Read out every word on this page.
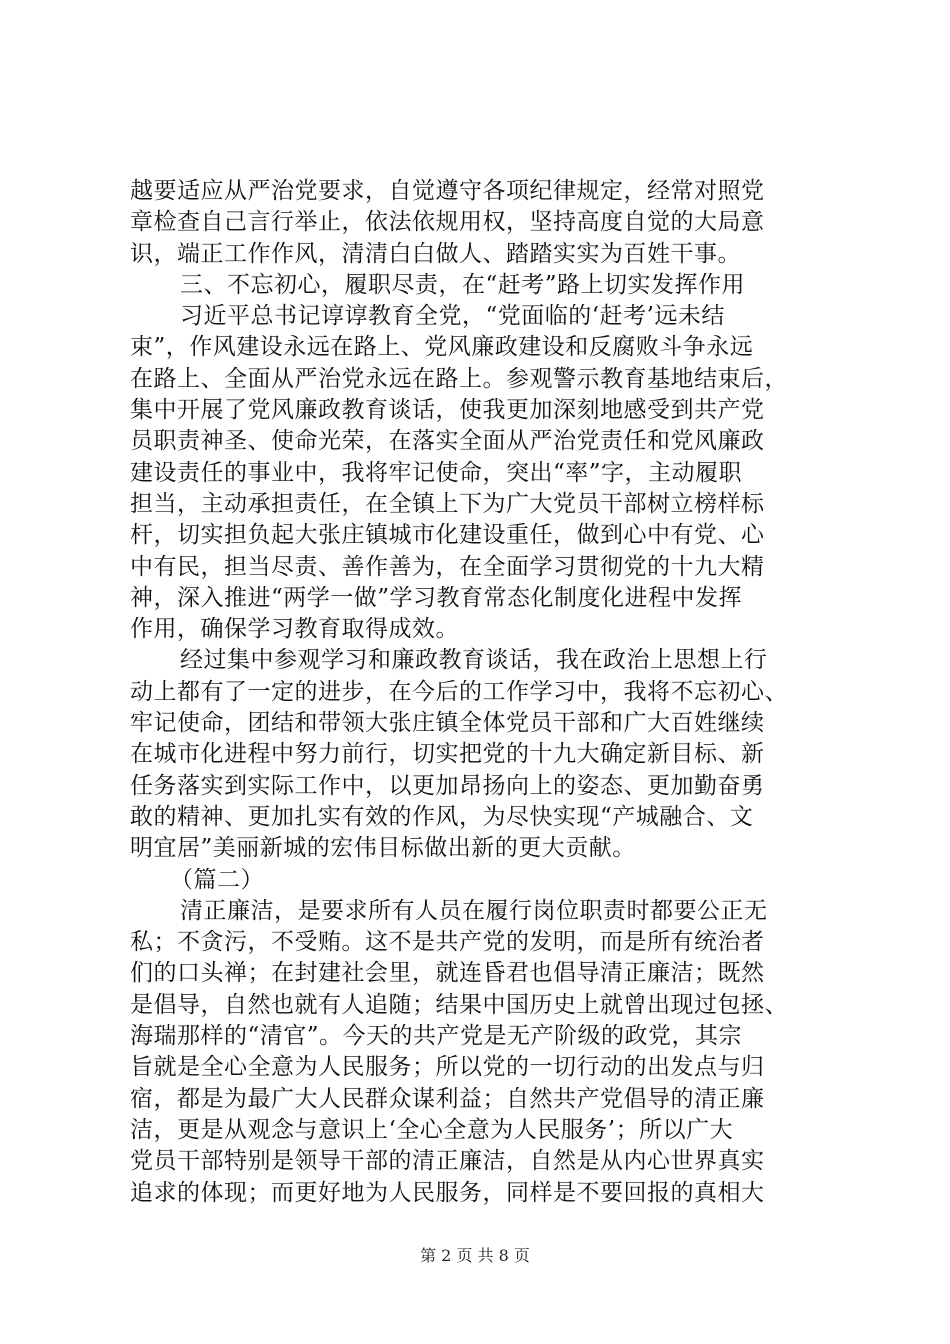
越要适应从严治党要求，自觉遵守各项纪律规定，经常对照党
章检查自己言行举止，依法依规用权，坚持高度自觉的大局意
识，端正工作作风，清清白白做人、踏踏实实为百姓干事。
三、不忘初心，履职尽责，在“赶考”路上切实发挥作用
习近平总书记谆谆教育全党，“党面临的‘赶考’远未结
束”，作风建设永远在路上、党风廉政建设和反腐败斗争永远
在路上、全面从严治党永远在路上。参观警示教育基地结束后，
集中开展了党风廉政教育谈话，使我更加深刻地感受到共产党
员职责神圣、使命光荣，在落实全面从严治党责任和党风廉政
建设责任的事业中，我将牢记使命，突出“率”字，主动履职
担当，主动承担责任，在全镇上下为广大党员干部树立榜样标
杆，切实担负起大张庄镇城市化建设重任，做到心中有党、心
中有民，担当尽责、善作善为，在全面学习贯彻党的十九大精
神，深入推进“两学一做”学习教育常态化制度化进程中发挥
作用，确保学习教育取得成效。
经过集中参观学习和廉政教育谈话，我在政治上思想上行
动上都有了一定的进步，在今后的工作学习中，我将不忘初心、
牢记使命，团结和带领大张庄镇全体党员干部和广大百姓继续
在城市化进程中努力前行，切实把党的十九大确定新目标、新
任务落实到实际工作中，以更加昂扬向上的姿态、更加勤奋勇
敢的精神、更加扎实有效的作风，为尽快实现“产城融合、文
明宜居”美丽新城的宏伟目标做出新的更大贡献。
（篇二）
清正廉洁，是要求所有人员在履行岗位职责时都要公正无
私；不贪污，不受贿。这不是共产党的发明，而是所有统治者
们的口头禅；在封建社会里，就连昏君也倡导清正廉洁；既然
是倡导，自然也就有人追随；结果中国历史上就曾出现过包拯、
海瑞那样的“清官”。今天的共产党是无产阶级的政党，其宗
旨就是全心全意为人民服务；所以党的一切行动的出发点与归
宿，都是为最广大人民群众谋利益；自然共产党倡导的清正廉
洁，更是从观念与意识上‘全心全意为人民服务’；所以广大
党员干部特别是领导干部的清正廉洁，自然是从内心世界真实
追求的体现；而更好地为人民服务，同样是不要回报的真相大
第 2 页 共 8 页
